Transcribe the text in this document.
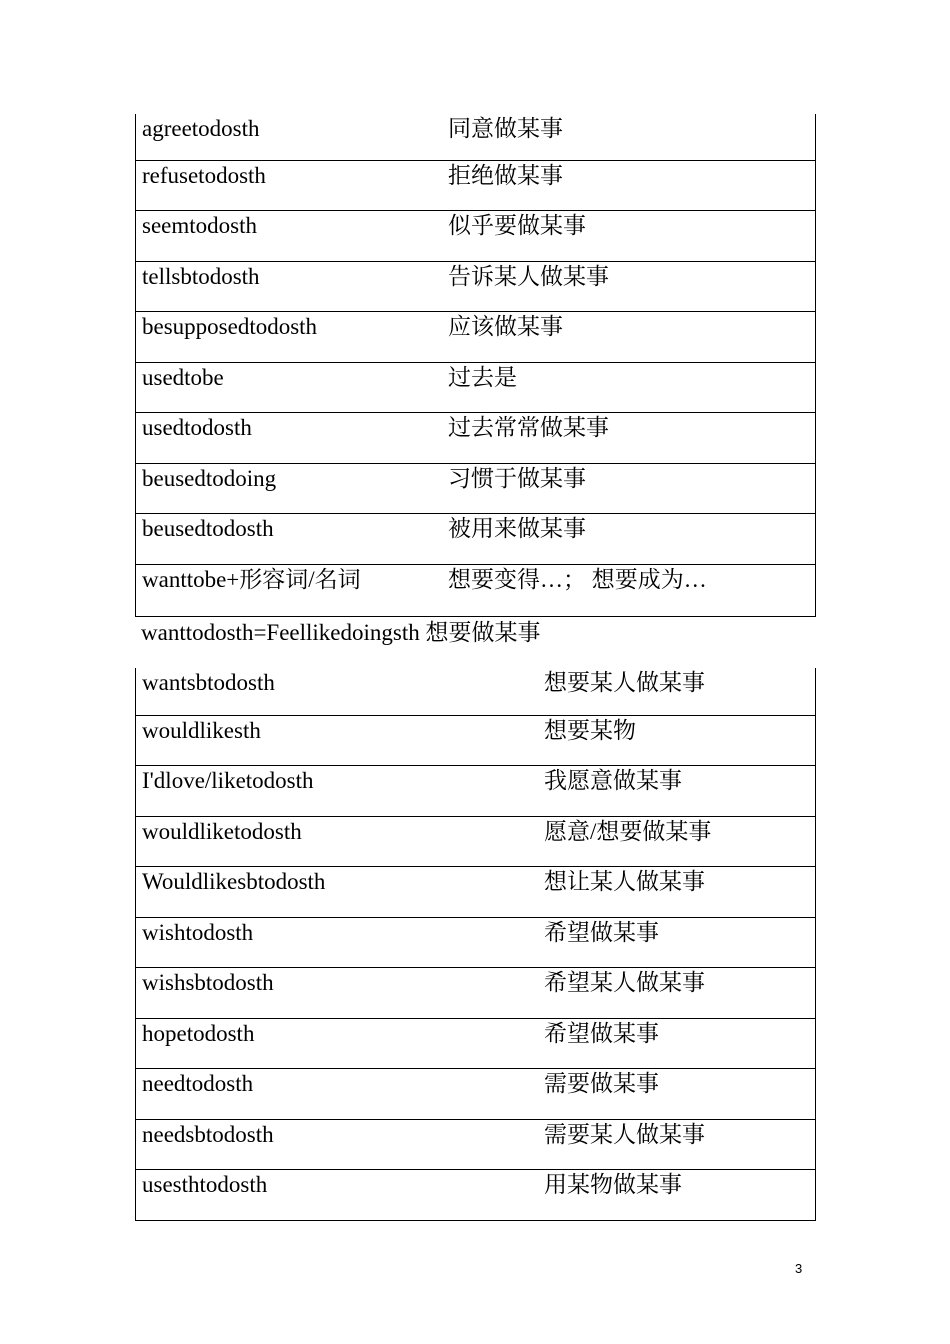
agreetodosth	同意做某事
refusetodosth	拒绝做某事
seemtodosth	似乎要做某事
tellsbtodosth	告诉某人做某事
besupposedtodosth	应该做某事
usedtobe	过去是
usedtodosth	过去常常做某事
beusedtodoing	习惯于做某事
beusedtodosth	被用来做某事
wanttobe+形容词/名词	想要变得…； 想要成为…
wanttodosth=Feellikedoingsth 想要做某事
wantsbtodosth	想要某人做某事
wouldlikesth	想要某物
I'dlove/liketodosth	我愿意做某事
wouldliketodosth	愿意/想要做某事
Wouldlikesbtodosth	想让某人做某事
wishtodosth	希望做某事
wishsbtodosth	希望某人做某事
hopetodosth	希望做某事
needtodosth	需要做某事
needsbtodosth	需要某人做某事
usesthtodosth	用某物做某事
3
